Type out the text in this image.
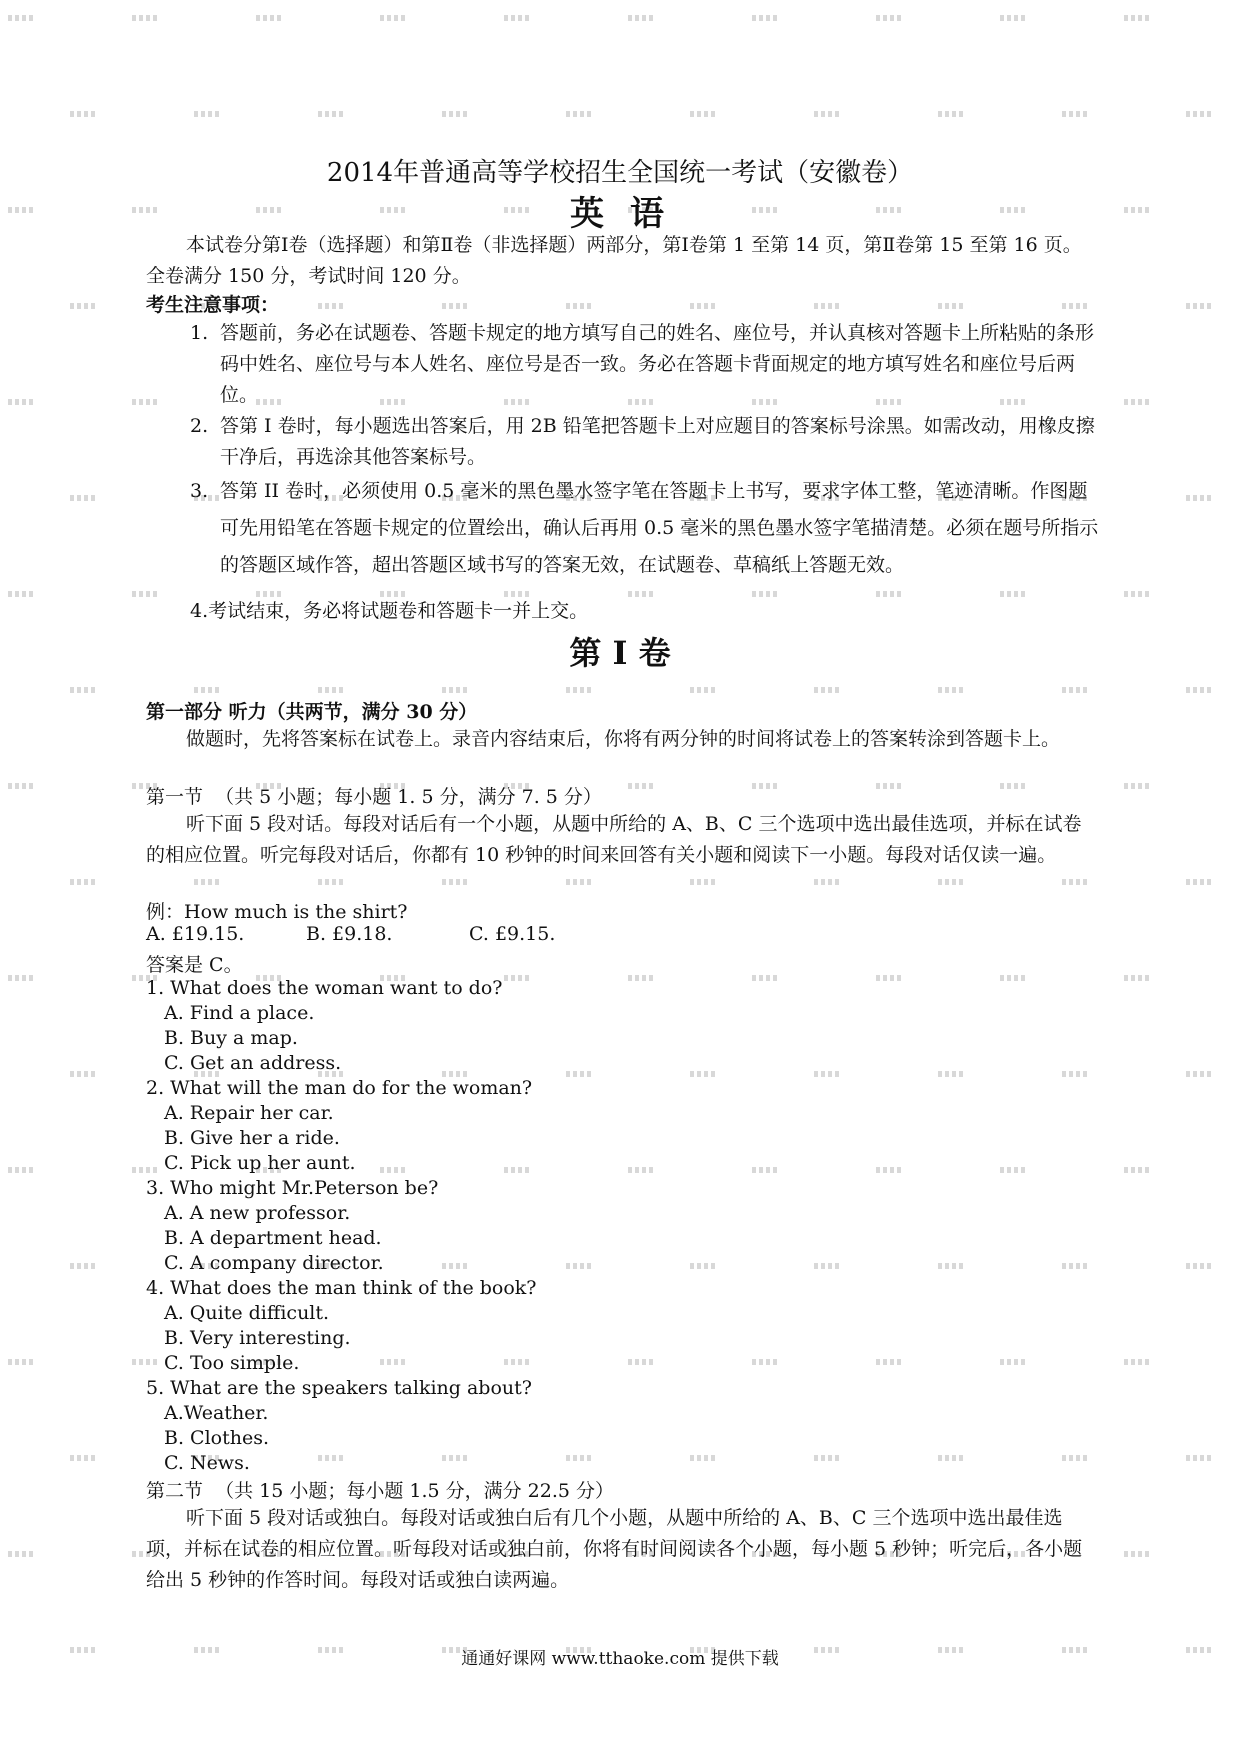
2014年普通高等学校招生全国统一考试（安徽卷）
英语

本试卷分第Ⅰ卷（选择题）和第Ⅱ卷（非选择题）两部分，第Ⅰ卷第 1 至第 14 页，第Ⅱ卷第 15 至第 16 页。全卷满分 150 分，考试时间 120 分。

考生注意事项：

1. 答题前，务必在试题卷、答题卡规定的地方填写自己的姓名、座位号，并认真核对答题卡上所粘贴的条形码中姓名、座位号与本人姓名、座位号是否一致。务必在答题卡背面规定的地方填写姓名和座位号后两位。
2. 答第 I 卷时，每小题选出答案后，用 2B 铅笔把答题卡上对应题目的答案标号涂黑。如需改动，用橡皮擦干净后，再选涂其他答案标号。
3. 答第 II 卷时，必须使用 0.5 毫米的黑色墨水签字笔在答题卡上书写，要求字体工整，笔迹清晰。作图题可先用铅笔在答题卡规定的位置绘出，确认后再用 0.5 毫米的黑色墨水签字笔描清楚。必须在题号所指示的答题区域作答，超出答题区域书写的答案无效，在试题卷、草稿纸上答题无效。

4.考试结束，务必将试题卷和答题卡一并上交。

第 I 卷

第一部分 听力（共两节，满分 30 分）

做题时，先将答案标在试卷上。录音内容结束后，你将有两分钟的时间将试卷上的答案转涂到答题卡上。

第一节  （共 5 小题；每小题 1. 5 分，满分 7. 5 分）

听下面 5 段对话。每段对话后有一个小题，从题中所给的 A、B、C 三个选项中选出最佳选项，并标在试卷的相应位置。听完每段对话后，你都有 10 秒钟的时间来回答有关小题和阅读下一小题。每段对话仅读一遍。

例：How much is the shirt?

A. £19.15.	B. £9.18.	C. £9.15.

答案是 C。

1. What does the woman want to do?

A. Find a place.

B. Buy a map.

C. Get an address.

2. What will the man do for the woman?

A. Repair her car.

B. Give her a ride.

C. Pick up her aunt.

3. Who might Mr.Peterson be?

A. A new professor.

B. A department head.

C. A company director.

4. What does the man think of the book?

A. Quite difficult.

B. Very interesting.

C. Too simple.

5. What are the speakers talking about?

A.Weather.

B. Clothes.

C. News.

第二节  （共 15 小题；每小题 1.5 分，满分 22.5 分）

听下面 5 段对话或独白。每段对话或独白后有几个小题，从题中所给的 A、B、C 三个选项中选出最佳选项，并标在试卷的相应位置。听每段对话或独白前，你将有时间阅读各个小题，每小题 5 秒钟；听完后，各小题给出 5 秒钟的作答时间。每段对话或独白读两遍。

通通好课网 www.tthaoke.com 提供下载
